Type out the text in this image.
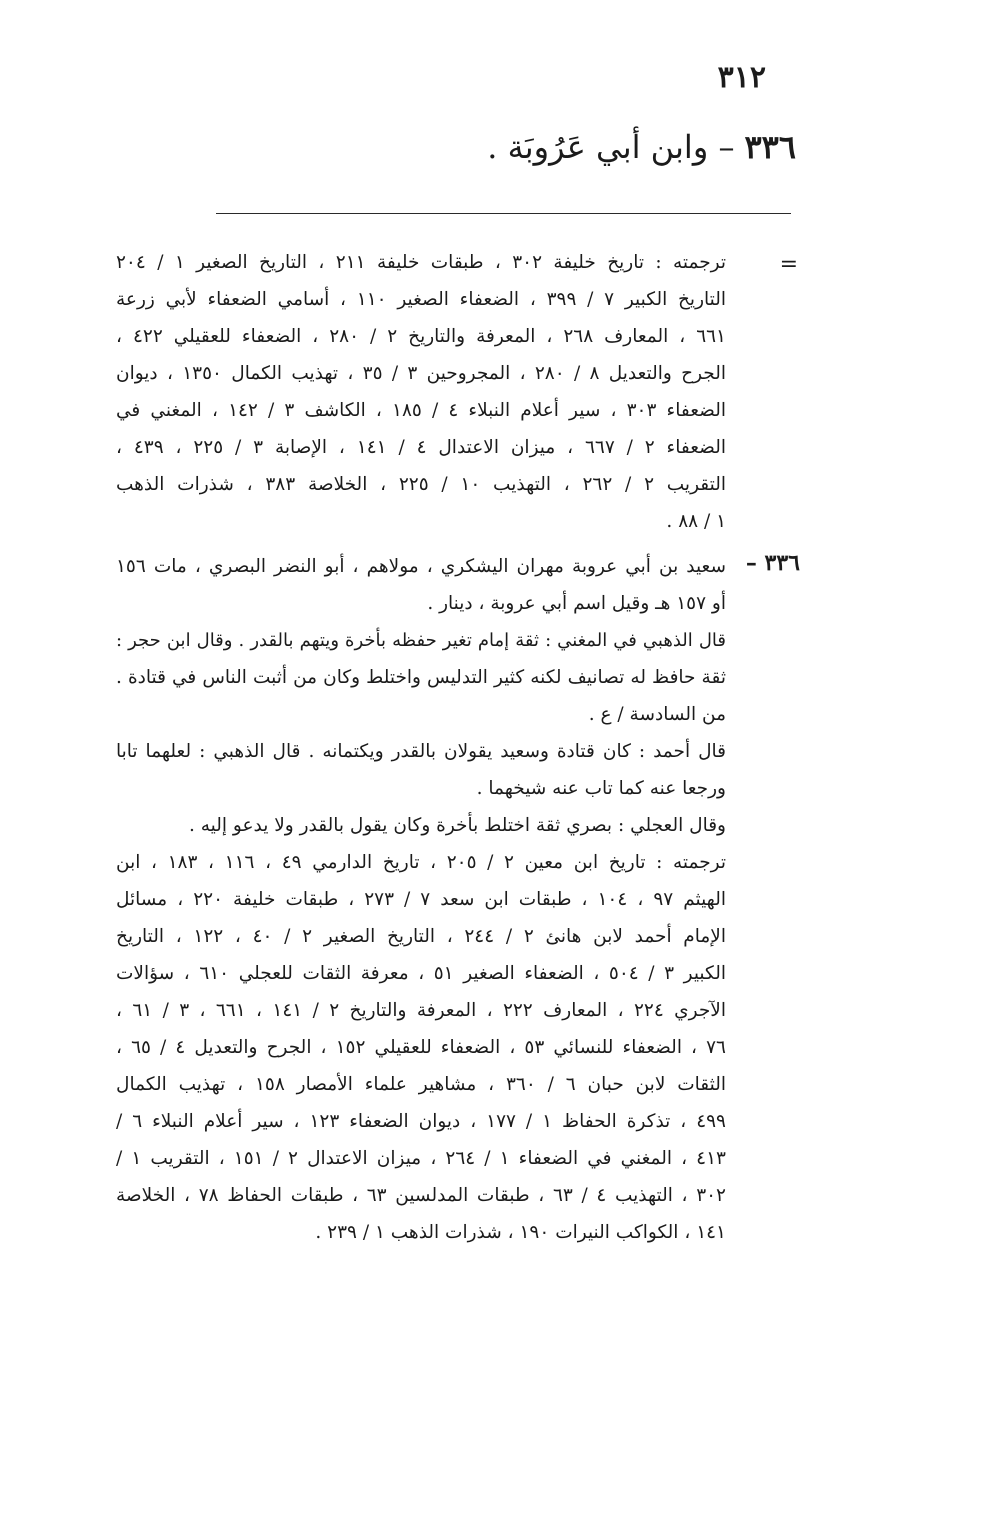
٣١٢
٣٣٦– وابن أبي عَرُوبَة .
=
ترجمته : تاريخ خليفة ٣٠٢ ، طبقات خليفة ٢١١ ، التاريخ الصغير ١ / ٢٠٤
التاريخ الكبير ٧ / ٣٩٩ ، الضعفاء الصغير ١١٠ ، أسامي الضعفاء لأبي زرعة
٦٦١ ، المعارف ٢٦٨ ، المعرفة والتاريخ ٢ / ٢٨٠ ، الضعفاء للعقيلي ٤٢٢ ،
الجرح والتعديل ٨ / ٢٨٠ ، المجروحين ٣ / ٣٥ ، تهذيب الكمال ١٣٥٠ ، ديوان
الضعفاء ٣٠٣ ، سير أعلام النبلاء ٤ / ١٨٥ ، الكاشف ٣ / ١٤٢ ، المغني في
الضعفاء ٢ / ٦٦٧ ، ميزان الاعتدال ٤ / ١٤١ ، الإصابة ٣ / ٢٢٥ ، ٤٣٩ ،
التقريب ٢ / ٢٦٢ ، التهذيب ١٠ / ٢٢٥ ، الخلاصة ٣٨٣ ، شذرات الذهب
١ / ٨٨ .
٣٣٦ –
سعيد بن أبي عروبة مهران اليشكري ، مولاهم ، أبو النضر البصري ، مات ١٥٦
أو ١٥٧ هـ وقيل اسم أبي عروبة ، دينار .
قال الذهبي في المغني : ثقة إمام تغير حفظه بأخرة ويتهم بالقدر . وقال ابن حجر :
ثقة حافظ له تصانيف لكنه كثير التدليس واختلط وكان من أثبت الناس في قتادة .
من السادسة / ع .
قال أحمد : كان قتادة وسعيد يقولان بالقدر ويكتمانه . قال الذهبي : لعلهما تابا
ورجعا عنه كما تاب عنه شيخهما .
وقال العجلي : بصري ثقة اختلط بأخرة وكان يقول بالقدر ولا يدعو إليه .
ترجمته : تاريخ ابن معين ٢ / ٢٠٥ ، تاريخ الدارمي ٤٩ ، ١١٦ ، ١٨٣ ، ابن
الهيثم ٩٧ ، ١٠٤ ، طبقات ابن سعد ٧ / ٢٧٣ ، طبقات خليفة ٢٢٠ ، مسائل
الإمام أحمد لابن هانئ ٢ / ٢٤٤ ، التاريخ الصغير ٢ / ٤٠ ، ١٢٢ ، التاريخ
الكبير ٣ / ٥٠٤ ، الضعفاء الصغير ٥١ ، معرفة الثقات للعجلي ٦١٠ ، سؤالات
الآجري ٢٢٤ ، المعارف ٢٢٢ ، المعرفة والتاريخ ٢ / ١٤١ ، ٦٦١ ، ٣ / ٦١ ،
٧٦ ، الضعفاء للنسائي ٥٣ ، الضعفاء للعقيلي ١٥٢ ، الجرح والتعديل ٤ / ٦٥ ،
الثقات لابن حبان ٦ / ٣٦٠ ، مشاهير علماء الأمصار ١٥٨ ، تهذيب الكمال
٤٩٩ ، تذكرة الحفاظ ١ / ١٧٧ ، ديوان الضعفاء ١٢٣ ، سير أعلام النبلاء ٦ /
٤١٣ ، المغني في الضعفاء ١ / ٢٦٤ ، ميزان الاعتدال ٢ / ١٥١ ، التقريب ١ /
٣٠٢ ، التهذيب ٤ / ٦٣ ، طبقات المدلسين ٦٣ ، طبقات الحفاظ ٧٨ ، الخلاصة
١٤١ ، الكواكب النيرات ١٩٠ ، شذرات الذهب ١ / ٢٣٩ .
